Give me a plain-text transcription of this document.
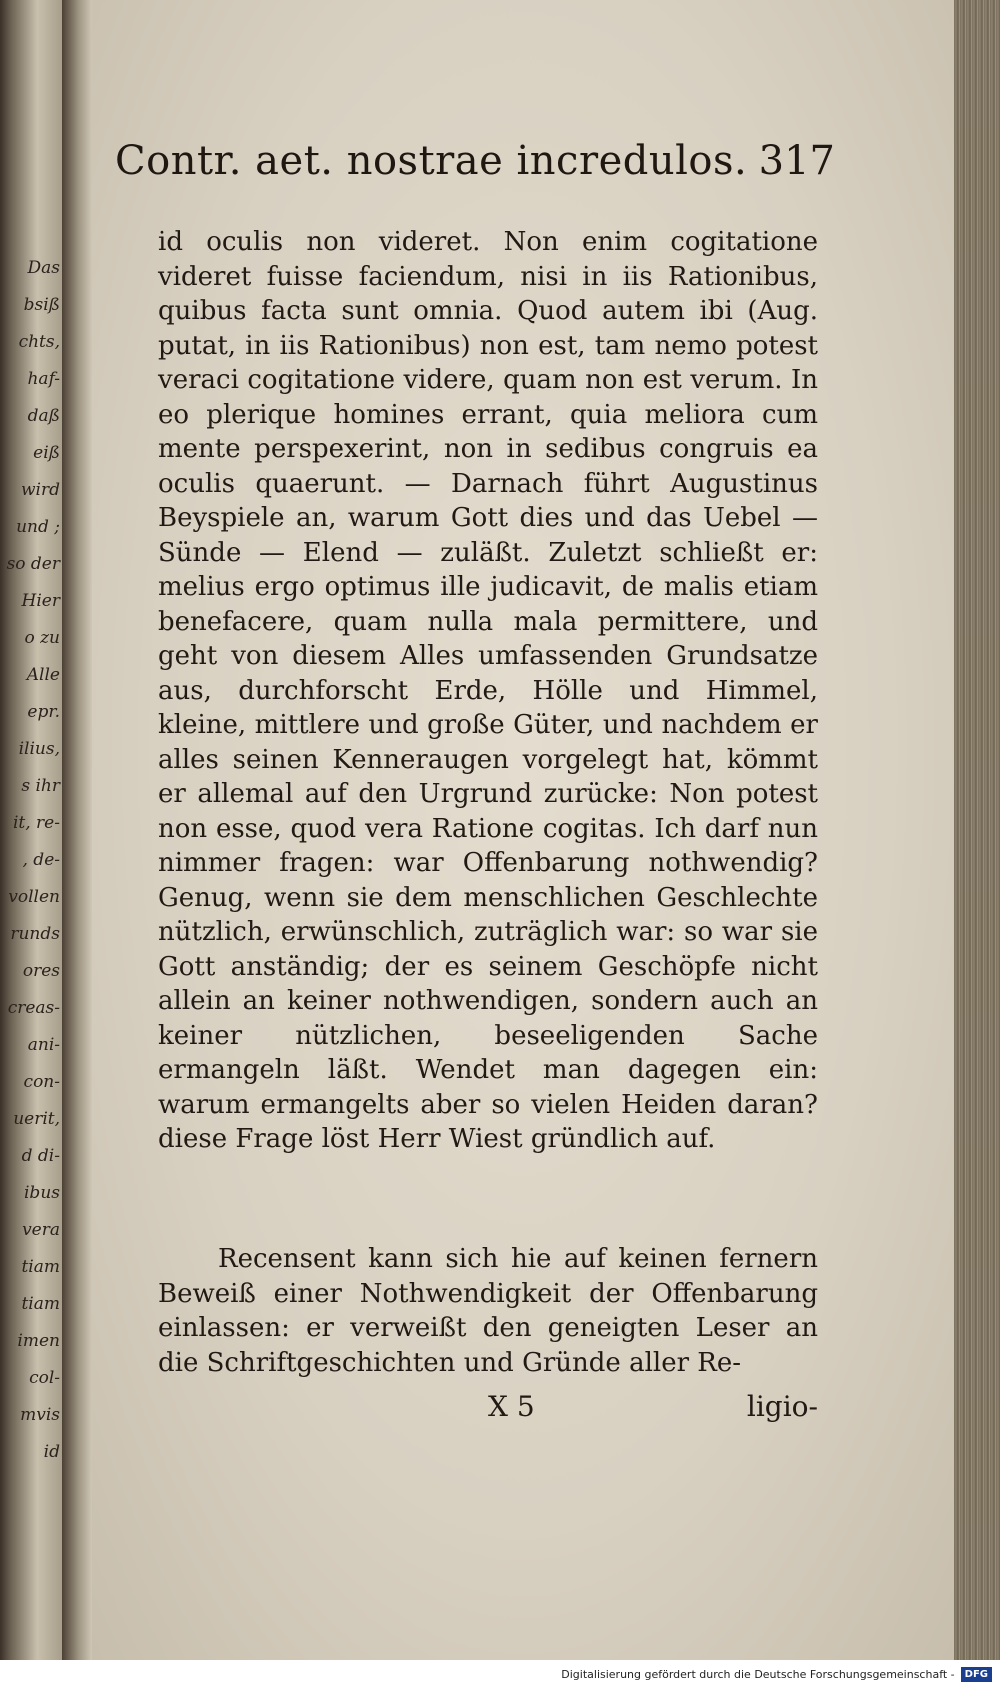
Das bsiß chts, haf- daß eiß wird und ; so der Hier o zu Alle epr. ilius, s ihr it, re- , de- vollen runds ores creas- ani- con- uerit, d di- ibus vera tiam tiam imen col- mvis id
Contr. aet. nostrae incredulos. 317

id oculis non videret. Non enim cogitatione videret fuisse faciendum, nisi in iis Rationibus, quibus facta sunt omnia. Quod autem ibi (Aug. putat, in iis Rationibus) non est, tam nemo potest veraci cogitatione videre, quam non est verum. In eo plerique homines errant, quia meliora cum mente perspexerint, non in sedibus congruis ea oculis quaerunt. — Darnach führt Augustinus Beyspiele an, warum Gott dies und das Uebel — Sünde — Elend — zuläßt. Zuletzt schließt er: melius ergo optimus ille judicavit, de malis etiam benefacere, quam nulla mala permittere, und geht von diesem Alles umfassenden Grundsatze aus, durchforscht Erde, Hölle und Himmel, kleine, mittlere und große Güter, und nachdem er alles seinen Kenneraugen vorgelegt hat, kömmt er allemal auf den Urgrund zurücke: Non potest non esse, quod vera Ratione cogitas. Ich darf nun nimmer fragen: war Offenbarung nothwendig? Genug, wenn sie dem menschlichen Geschlechte nützlich, erwünschlich, zuträglich war: so war sie Gott anständig; der es seinem Geschöpfe nicht allein an keiner nothwendigen, sondern auch an keiner nützlichen, beseeligenden Sache ermangeln läßt. Wendet man dagegen ein: warum ermangelts aber so vielen Heiden daran? diese Frage löst Herr Wiest gründlich auf.

Recensent kann sich hie auf keinen fernern Beweiß einer Nothwendigkeit der Offenbarung einlassen: er verweißt den geneigten Leser an die Schriftgeschichten und Gründe aller Re-

X 5	ligio-
Digitalisierung gefördert durch die Deutsche Forschungsgemeinschaft -	DFG
